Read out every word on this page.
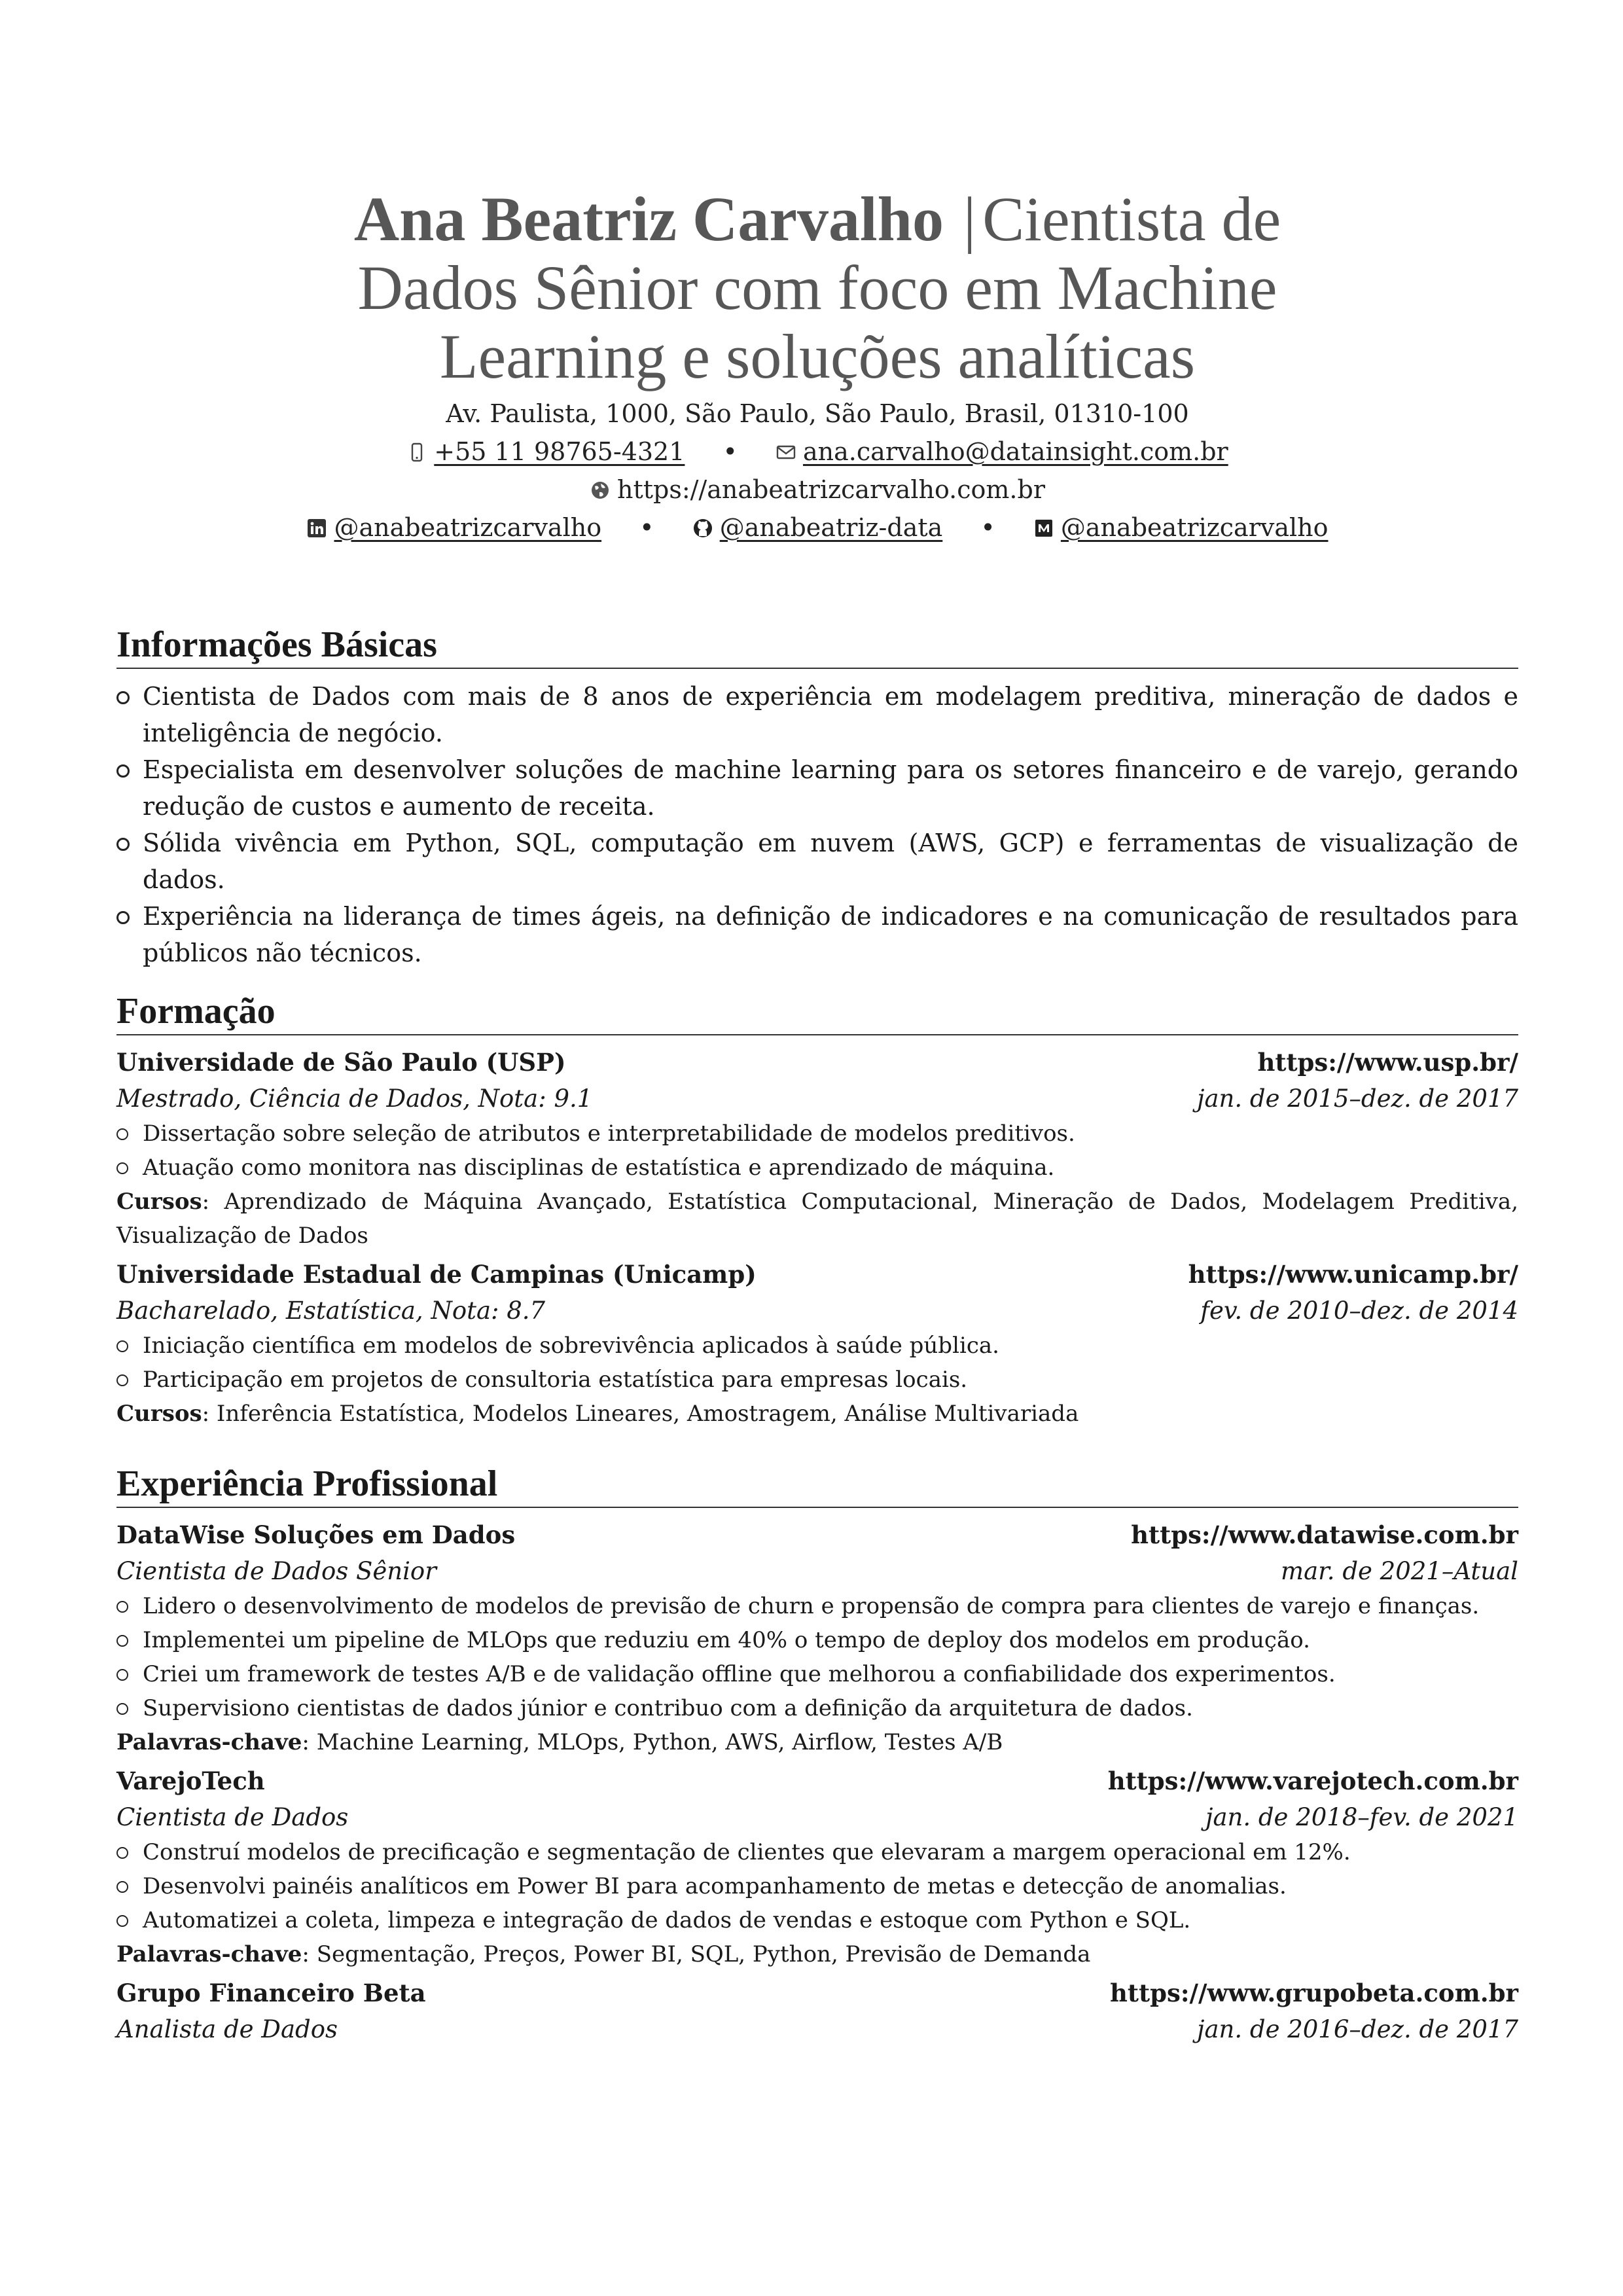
Ana Beatriz Carvalho | Cientista de Dados Sênior com foco em Machine Learning e soluções analíticas
Av. Paulista, 1000, São Paulo, São Paulo, Brasil, 01310-100
+55 11 98765-4321 •	ana.carvalho@datainsight.com.br
https://anabeatrizcarvalho.com.br
@anabeatrizcarvalho •	@anabeatriz-data •	@anabeatrizcarvalho
Informações Básicas
Cientista de Dados com mais de 8 anos de experiência em modelagem preditiva, mineração de dados e inteligência de negócio.
Especialista em desenvolver soluções de machine learning para os setores financeiro e de varejo, gerando redução de custos e aumento de receita.
Sólida vivência em Python, SQL, computação em nuvem (AWS, GCP) e ferramentas de visualização de dados.
Experiência na liderança de times ágeis, na definição de indicadores e na comunicação de resultados para públicos não técnicos.
Formação
Universidade de São Paulo (USP)	https://www.usp.br/
Mestrado, Ciência de Dados, Nota: 9.1	jan. de 2015–dez. de 2017
Dissertação sobre seleção de atributos e interpretabilidade de modelos preditivos.
Atuação como monitora nas disciplinas de estatística e aprendizado de máquina.
Cursos: Aprendizado de Máquina Avançado, Estatística Computacional, Mineração de Dados, Modelagem Preditiva, Visualização de Dados
Universidade Estadual de Campinas (Unicamp)	https://www.unicamp.br/
Bacharelado, Estatística, Nota: 8.7	fev. de 2010–dez. de 2014
Iniciação científica em modelos de sobrevivência aplicados à saúde pública.
Participação em projetos de consultoria estatística para empresas locais.
Cursos: Inferência Estatística, Modelos Lineares, Amostragem, Análise Multivariada
Experiência Profissional
DataWise Soluções em Dados	https://www.datawise.com.br
Cientista de Dados Sênior	mar. de 2021–Atual
Lidero o desenvolvimento de modelos de previsão de churn e propensão de compra para clientes de varejo e finanças.
Implementei um pipeline de MLOps que reduziu em 40% o tempo de deploy dos modelos em produção.
Criei um framework de testes A/B e de validação offline que melhorou a confiabilidade dos experimentos.
Supervisiono cientistas de dados júnior e contribuo com a definição da arquitetura de dados.
Palavras-chave: Machine Learning, MLOps, Python, AWS, Airflow, Testes A/B
VarejoTech	https://www.varejotech.com.br
Cientista de Dados	jan. de 2018–fev. de 2021
Construí modelos de precificação e segmentação de clientes que elevaram a margem operacional em 12%.
Desenvolvi painéis analíticos em Power BI para acompanhamento de metas e detecção de anomalias.
Automatizei a coleta, limpeza e integração de dados de vendas e estoque com Python e SQL.
Palavras-chave: Segmentação, Preços, Power BI, SQL, Python, Previsão de Demanda
Grupo Financeiro Beta	https://www.grupobeta.com.br
Analista de Dados	jan. de 2016–dez. de 2017
